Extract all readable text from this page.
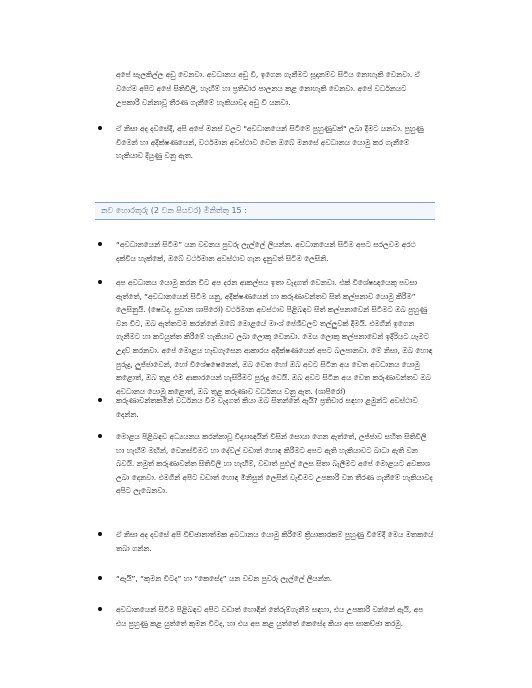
අපේ සැලකිල්ල අඩු වෙනවා. අවධානය අඩු වී, ඉගෙන ගැනීමට සූදානම්ව සිටිය නොහැකි වෙනවා. ඒ වගේම අපිට අපේ සිතිවිලි, හැඟීම් හා ප්‍රතිචාර පාලනය කළ නොහැකි වෙනවා. අපේ වර්ධනයට උපකාරී වන්නාවූ තීරණ ගැනීමේ හැකියාවද අඩු වී යනවා.

ඒ නිසා අද දවසේදී, අපි අපේ මනස් වලට "අවධානයෙන් සිටීමේ පුහුණුවක්" ලබා දීමට යනවා. පුහුණු වීමෙන් හා අදීක්ෂණයෙන්, වර්ථමාන අවස්ථාව වෙත ඔබේ මනසේ අවධානය යොමු කර ගැනීමේ හැකියාව දියුණු වනු ඇත.

නව හොරතුරු (2 වන පියවර) මිනිත්තු 15 :

“අවධානයෙන් සිටීම” යන වචනය පුවරු ලැල්ලේ ලියන්න. අවධානයෙන් සිටීම අපට සරලවම අරථ දක්විය හැක්කේ, ඔබේ වර්ථමාන අවස්ථාව ගැන දැනුවත් සිටීම ලෙසිනි.

අප අවධානය යොමු කරන විට අප දරන ආකල්පය ඉතා වැදගත් වෙනවා. එක් විශේෂඥයෙකු පවසා ඇත්තේ, “අවධානයෙන් සිටීම යනු, අදීක්ෂණයෙන් හා කරුණාවන්තව සිත් කල්පනාව යොමු කිරීම” ලෙසිනුයි. (ෂෙවදා. සුවාන ශාපිරෝ) වර්ථමාන අවස්ථාව පිළිබඳව සිත් කල්පනාවෙන් සිටීමට ඔබ පුහුණු වන විට, ඔබ ඇත්තටම කරන්නේ ඔබේ මොළයේ මාංශ් පේශීවලට තල්ලුවක් දීමයි. එමගින් ඉගෙන ගැනීමට හා කටයුත්ත කිරීමේ හැකියාව ලබා ලොකු වෙනවා. මෙය ලොකු කල්පනාවෙන් ඉදිරියට යෑමට උදව් කරනවා. අපේ මොළය හැඩගැසෙන ආකාරය අදීක්ෂණයෙන් අපට බලපානවා. මේ නිසා, ඔබ හොඳ පුරුදු, ලුජ්ජාවෙන්, හෝ විශේෂෂෙනෙන්, ඔබ වෙත හෝ ඔබ අවට සිටින අය වෙත අවධානය යොමු කළොත්, ඔබ තුළ එම ආකාරයෙන් හැසිරීමට පුරුදු වෙයි. ඔබ අවට සිටින අය වෙත කරුණාවන්තව ඔබ අවධානය යොමු කළොත්, ඔබ තුළ කරුණාව වර්ධනය වනු ඇත. (ශාපිරෝ)

කරුණාවන්තකමින් වර්ධනය වීම වැදගත් කියා ඔබ සිතන්නේ ඇයි? ප්‍රතිචාර සඳහා ළමුන්ට අවස්ථාව දෙන්න.

මොළය පිළිබඳව අධ්‍යයනය කරන්නාවූ විද්‍යාඥයින් විසින් සොයා ගෙන ඇත්තේ, ලජ්ජාව සහිත සිතිවිලි හා හැඟීම් මඟින්, වෙනස්වීමට හා දේවල් වඩාත් හොඳ කිරීමට අපට ඇති හැකියාවට බාධා ඇති වන බවයි. නමුත් කරුණාවන්ත සිතිවිලි හා හැඟීම්, වඩාත් පුළුල් ලෙස සිතා බැලීමට අපේ මොළයට අවකාශ ලබා දෙනවා. එමගින් අපිට වඩාත් හොඳ මිනිසුන් ලෙසින් වැඩීමට උපකාරී වන තීරණ ගැනීමේ හැකියාවද අපිට ලැබෙනවා.

ඒ නිසා අද දවසේ අපි විච්ඡානාත්මක අවධානය යොමු කිරීමේ ක්‍රියාකාරකම් පුහුණු වීමේදී මෙය මතකයේ තබා ගන්න.

“ඇයි”, “කුමන විටද” හා “කෙසේද” යන වචන පුවරු ලැල්ලේ ලියන්න.

අවධානයෙන් සිටීම පිළිබඳව අපිට වඩාත් හොඳින් තේරුම්ගැනීම සඳහා, එය උපකාරී වන්නේ ඇයි, අප එය පුහුණු කළ යුත්තේ කුමන විටද, හා එය අප කළ යුත්තේ කෙසේද කියා අප සාකච්ඡා කරමු.
